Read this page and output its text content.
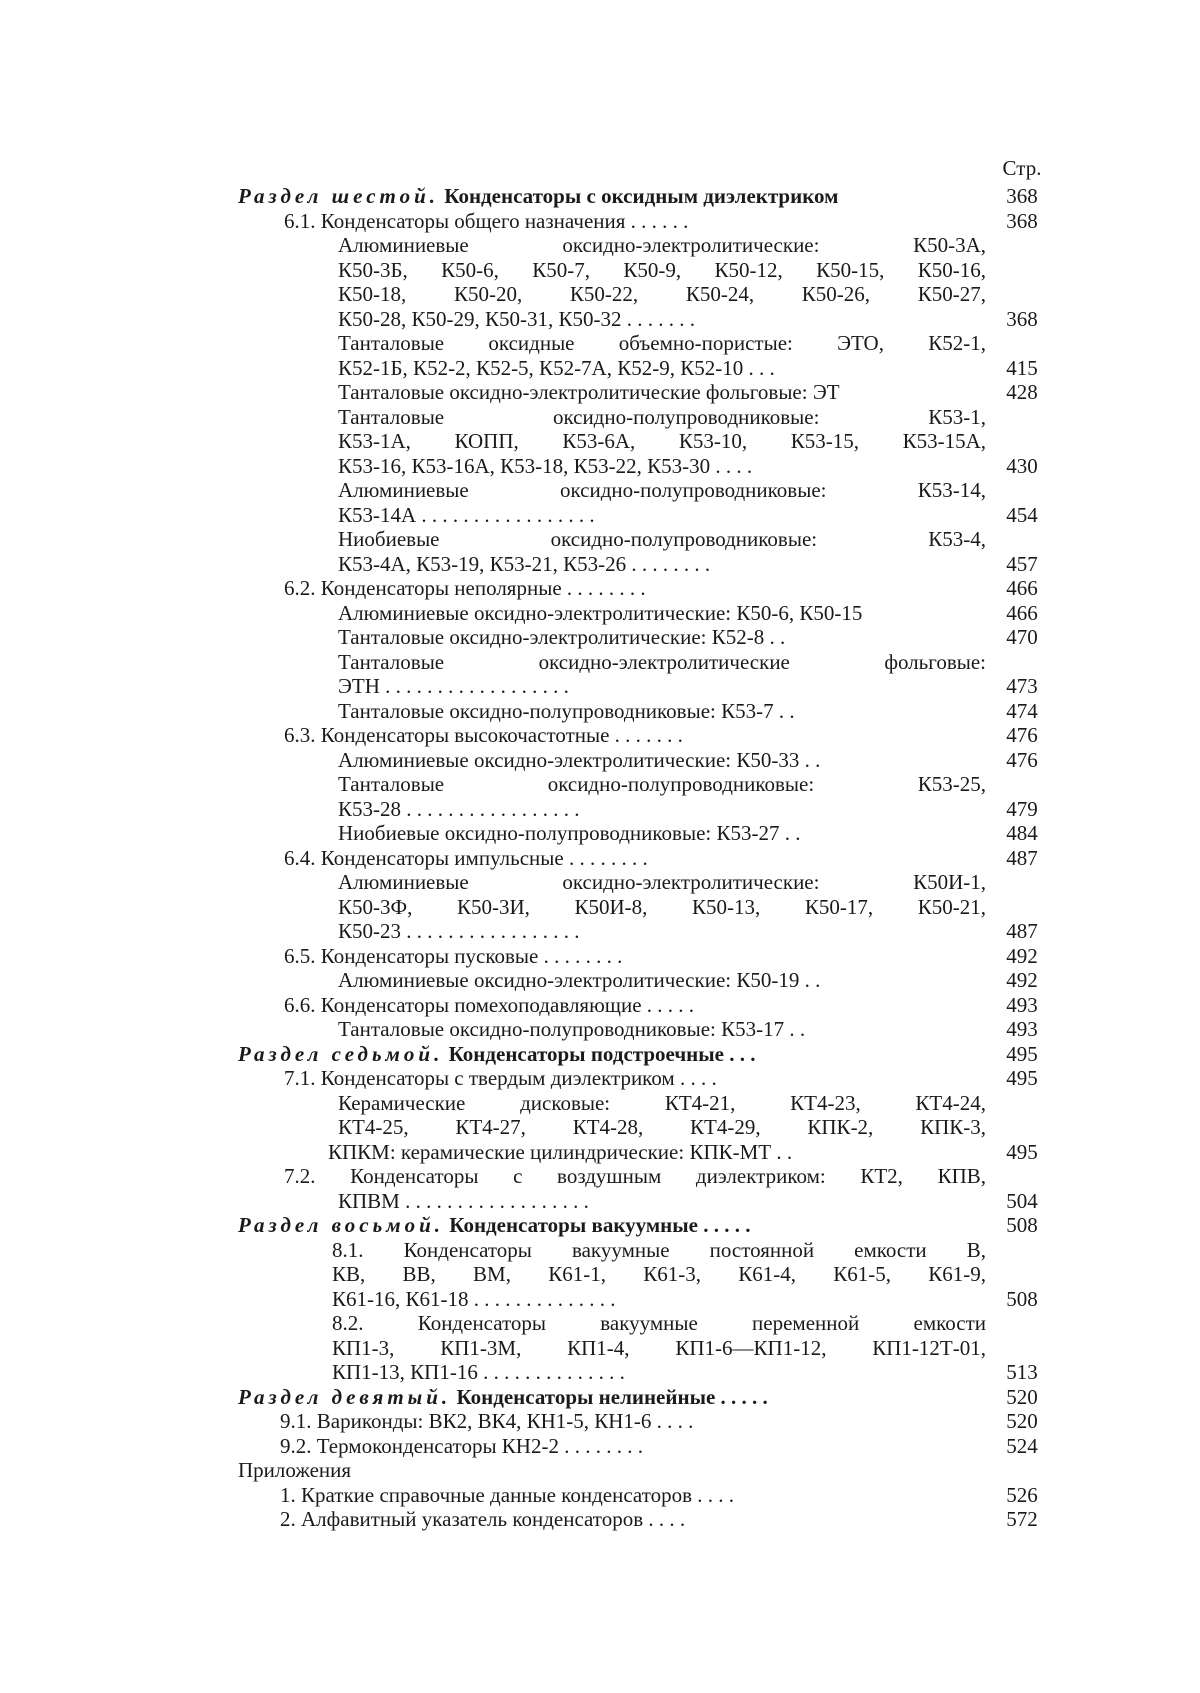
Стр.
Раздел шестой. Конденсаторы с оксидным диэлектриком	368
6.1. Конденсаторы общего назначения . . . . . .	368
Алюминиевые оксидно-электролитические: К50-3А,
К50-3Б, К50-6, К50-7, К50-9, К50-12, К50-15, К50-16,
К50-18, К50-20, К50-22, К50-24, К50-26, К50-27,
К50-28, К50-29, К50-31, К50-32 . . . . . . .	368
Танталовые оксидные объемно-пористые: ЭТО, К52-1,
К52-1Б, К52-2, К52-5, К52-7А, К52-9, К52-10 . . .	415
Танталовые оксидно-электролитические фольговые: ЭТ	428
Танталовые оксидно-полупроводниковые: К53-1,
К53-1А, КОПП, К53-6А, К53-10, К53-15, К53-15А,
К53-16, К53-16А, К53-18, К53-22, К53-30 . . . .	430
Алюминиевые оксидно-полупроводниковые: К53-14,
К53-14А . . . . . . . . . . . . . . . . .	454
Ниобиевые оксидно-полупроводниковые: К53-4,
К53-4А, К53-19, К53-21, К53-26 . . . . . . . .	457
6.2. Конденсаторы неполярные . . . . . . . .	466
Алюминиевые оксидно-электролитические: К50-6, К50-15	466
Танталовые оксидно-электролитические: К52-8 . .	470
Танталовые оксидно-электролитические фольговые:
ЭТН . . . . . . . . . . . . . . . . . .	473
Танталовые оксидно-полупроводниковые: К53-7 . .	474
6.3. Конденсаторы высокочастотные . . . . . . .	476
Алюминиевые оксидно-электролитические: К50-33 . .	476
Танталовые оксидно-полупроводниковые: К53-25,
К53-28 . . . . . . . . . . . . . . . . .	479
Ниобиевые оксидно-полупроводниковые: К53-27 . .	484
6.4. Конденсаторы импульсные . . . . . . . .	487
Алюминиевые оксидно-электролитические: К50И-1,
К50-3Ф, К50-3И, К50И-8, К50-13, К50-17, К50-21,
К50-23 . . . . . . . . . . . . . . . . .	487
6.5. Конденсаторы пусковые . . . . . . . .	492
Алюминиевые оксидно-электролитические: К50-19 . .	492
6.6. Конденсаторы помехоподавляющие . . . . .	493
Танталовые оксидно-полупроводниковые: К53-17 . .	493
Раздел седьмой. Конденсаторы подстроечные . . .	495
7.1. Конденсаторы с твердым диэлектриком . . . .	495
Керамические дисковые: КТ4-21, КТ4-23, КТ4-24,
КТ4-25, КТ4-27, КТ4-28, КТ4-29, КПК-2, КПК-3,
КПКМ: керамические цилиндрические: КПК-МТ . .	495
7.2. Конденсаторы с воздушным диэлектриком: КТ2, КПВ,
КПВМ . . . . . . . . . . . . . . . . . .	504
Раздел восьмой. Конденсаторы вакуумные . . . . .	508
8.1. Конденсаторы вакуумные постоянной емкости В,
КВ, ВВ, ВМ, К61-1, К61-3, К61-4, К61-5, К61-9,
К61-16, К61-18 . . . . . . . . . . . . . .	508
8.2. Конденсаторы вакуумные переменной емкости
КП1-3, КП1-3М, КП1-4, КП1-6—КП1-12, КП1-12Т-01,
КП1-13, КП1-16 . . . . . . . . . . . . . .	513
Раздел девятый. Конденсаторы нелинейные . . . . .	520
9.1. Вариконды: ВК2, ВК4, КН1-5, КН1-6 . . . .	520
9.2. Термоконденсаторы КН2-2 . . . . . . . .	524
Приложения
1. Краткие справочные данные конденсаторов . . . .	526
2. Алфавитный указатель конденсаторов . . . .	572
